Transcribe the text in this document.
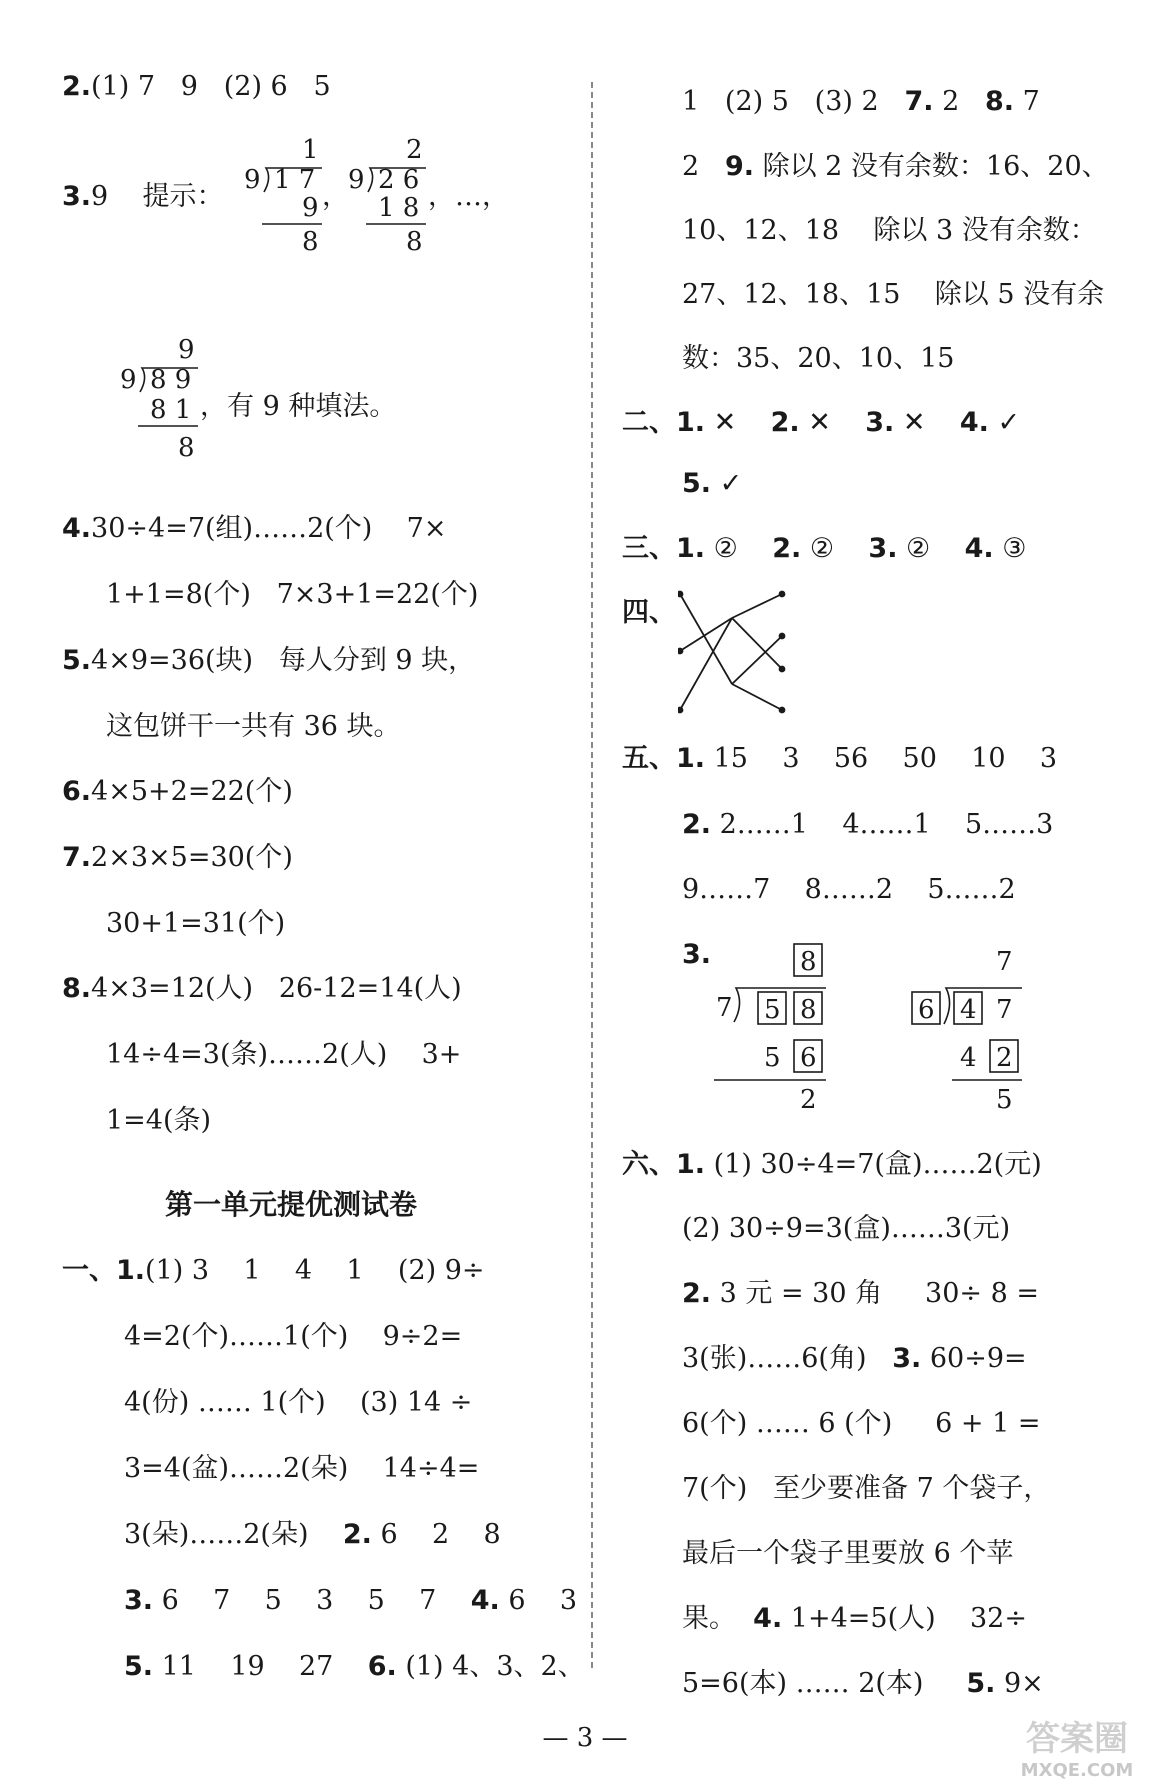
2.(1) 7   9   (2) 6   5
3.9    提示：
1
9 1 7
9
8
，
2
9 2 6
1 8
8
，…，
9
9 8 9
8 1
8
，有 9 种填法。
4.30÷4=7(组)……2(个)    7×
1+1=8(个)   7×3+1=22(个)
5.4×9=36(块)   每人分到 9 块，
这包饼干一共有 36 块。
6.4×5+2=22(个)
7.2×3×5=30(个)
30+1=31(个)
8.4×3=12(人)   26-12=14(人)
14÷4=3(条)……2(人)    3+
1=4(条)
第一单元提优测试卷
一、1.(1) 3    1    4    1    (2) 9÷
4=2(个)……1(个)    9÷2=
4(份) …… 1(个)    (3) 14 ÷
3=4(盆)……2(朵)    14÷4=
3(朵)……2(朵)    2. 6    2    8
3. 6    7    5    3    5    7    4. 6    3
5. 11    19    27    6. (1) 4、3、2、
1   (2) 5   (3) 2   7. 2   8. 7
2   9. 除以 2 没有余数：16、20、
10、12、18    除以 3 没有余数：
27、12、18、15    除以 5 没有余
数：35、20、10、15
二、1. ✕ 2. ✕ 3. ✕ 4. ✓
5. ✓
三、1. ② 2. ② 3. ② 4. ③
四、
五、1. 15    3    56    50    10    3
2. 2……1    4……1    5……3
9……7    8……2    5……2
3.	8
7 5 8
5 6
2
7
6 4 7
4 2
5
六、1. (1) 30÷4=7(盒)……2(元)
(2) 30÷9=3(盒)……3(元)
2. 3 元 = 30 角     30÷ 8 =
3(张)……6(角)   3. 60÷9=
6(个) …… 6 (个)     6 + 1 =
7(个)   至少要准备 7 个袋子，
最后一个袋子里要放 6 个苹
果。  4. 1+4=5(人)    32÷
5=6(本) …… 2(本)     5. 9×
— 3 —	答案圈
MXQE.COM
